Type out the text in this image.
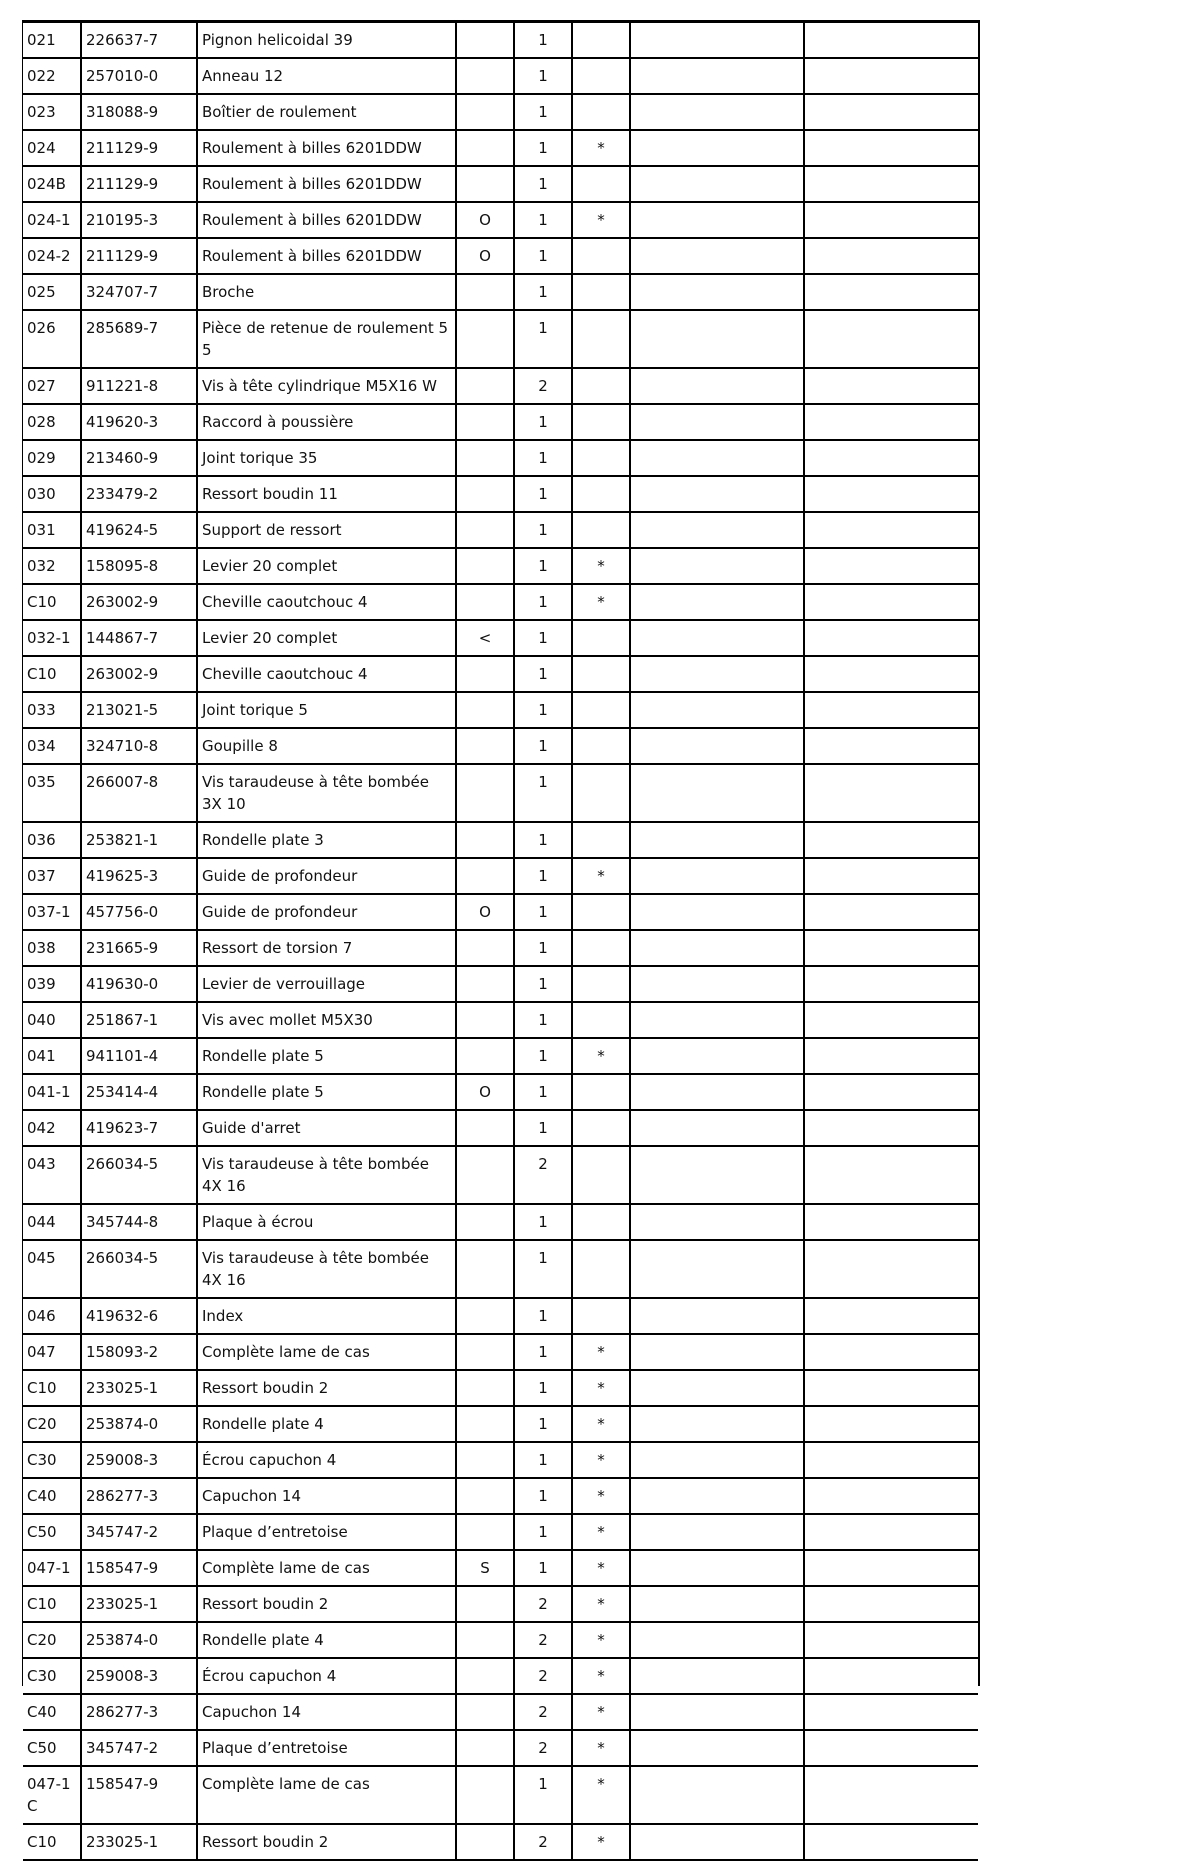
021	226637-7	Pignon helicoidal 39		1			
022	257010-0	Anneau 12		1			
023	318088-9	Boîtier de roulement		1			
024	211129-9	Roulement à billes 6201DDW		1	*		
024B	211129-9	Roulement à billes 6201DDW		1			
024-1	210195-3	Roulement à billes 6201DDW	O	1	*		
024-2	211129-9	Roulement à billes 6201DDW	O	1			
025	324707-7	Broche		1			
026	285689-7	Pièce de retenue de roulement 5 5		1			
027	911221-8	Vis à tête cylindrique M5X16 W		2			
028	419620-3	Raccord à poussière		1			
029	213460-9	Joint torique 35		1			
030	233479-2	Ressort boudin 11		1			
031	419624-5	Support de ressort		1			
032	158095-8	Levier 20 complet		1	*		
C10	263002-9	Cheville caoutchouc 4		1	*		
032-1	144867-7	Levier 20 complet	<	1			
C10	263002-9	Cheville caoutchouc 4		1			
033	213021-5	Joint torique 5		1			
034	324710-8	Goupille 8		1			
035	266007-8	Vis taraudeuse à tête bombée 3X 10		1			
036	253821-1	Rondelle plate 3		1			
037	419625-3	Guide de profondeur		1	*		
037-1	457756-0	Guide de profondeur	O	1			
038	231665-9	Ressort de torsion 7		1			
039	419630-0	Levier de verrouillage		1			
040	251867-1	Vis avec mollet M5X30		1			
041	941101-4	Rondelle plate 5		1	*		
041-1	253414-4	Rondelle plate 5	O	1			
042	419623-7	Guide d'arret		1			
043	266034-5	Vis taraudeuse à tête bombée 4X 16		2			
044	345744-8	Plaque à écrou		1			
045	266034-5	Vis taraudeuse à tête bombée 4X 16		1			
046	419632-6	Index		1			
047	158093-2	Complète lame de cas		1	*		
C10	233025-1	Ressort boudin 2		1	*		
C20	253874-0	Rondelle plate 4		1	*		
C30	259008-3	Écrou capuchon 4		1	*		
C40	286277-3	Capuchon 14		1	*		
C50	345747-2	Plaque d’entretoise		1	*		
047-1	158547-9	Complète lame de cas	S	1	*		
C10	233025-1	Ressort boudin 2		2	*		
C20	253874-0	Rondelle plate 4		2	*		
C30	259008-3	Écrou capuchon 4		2	*		
C40	286277-3	Capuchon 14		2	*		
C50	345747-2	Plaque d’entretoise		2	*		
047-1 C	158547-9	Complète lame de cas		1	*		
C10	233025-1	Ressort boudin 2		2	*		
